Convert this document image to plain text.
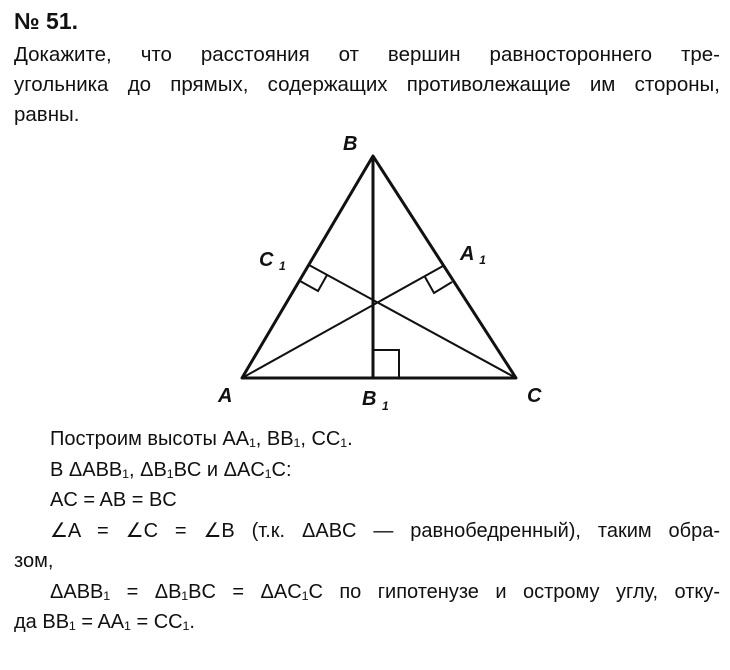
№ 51.
Докажите, что расстояния от вершин равностороннего тре-
угольника до прямых, содержащих противолежащие им стороны,
равны.
B
A	C
C $_1$
A $_1$
B $_1$
Построим высоты AA₁, BB₁, CC₁.
В ΔABB₁, ΔB₁BC и ΔAC₁C:
AC = AB = BC
∠A = ∠C = ∠B (т.к. ΔABC — равнобедренный), таким обра-
зом,
ΔABB₁ = ΔB₁BC = ΔAC₁C по гипотенузе и острому углу, отку-
да BB₁ = AA₁ = CC₁.
